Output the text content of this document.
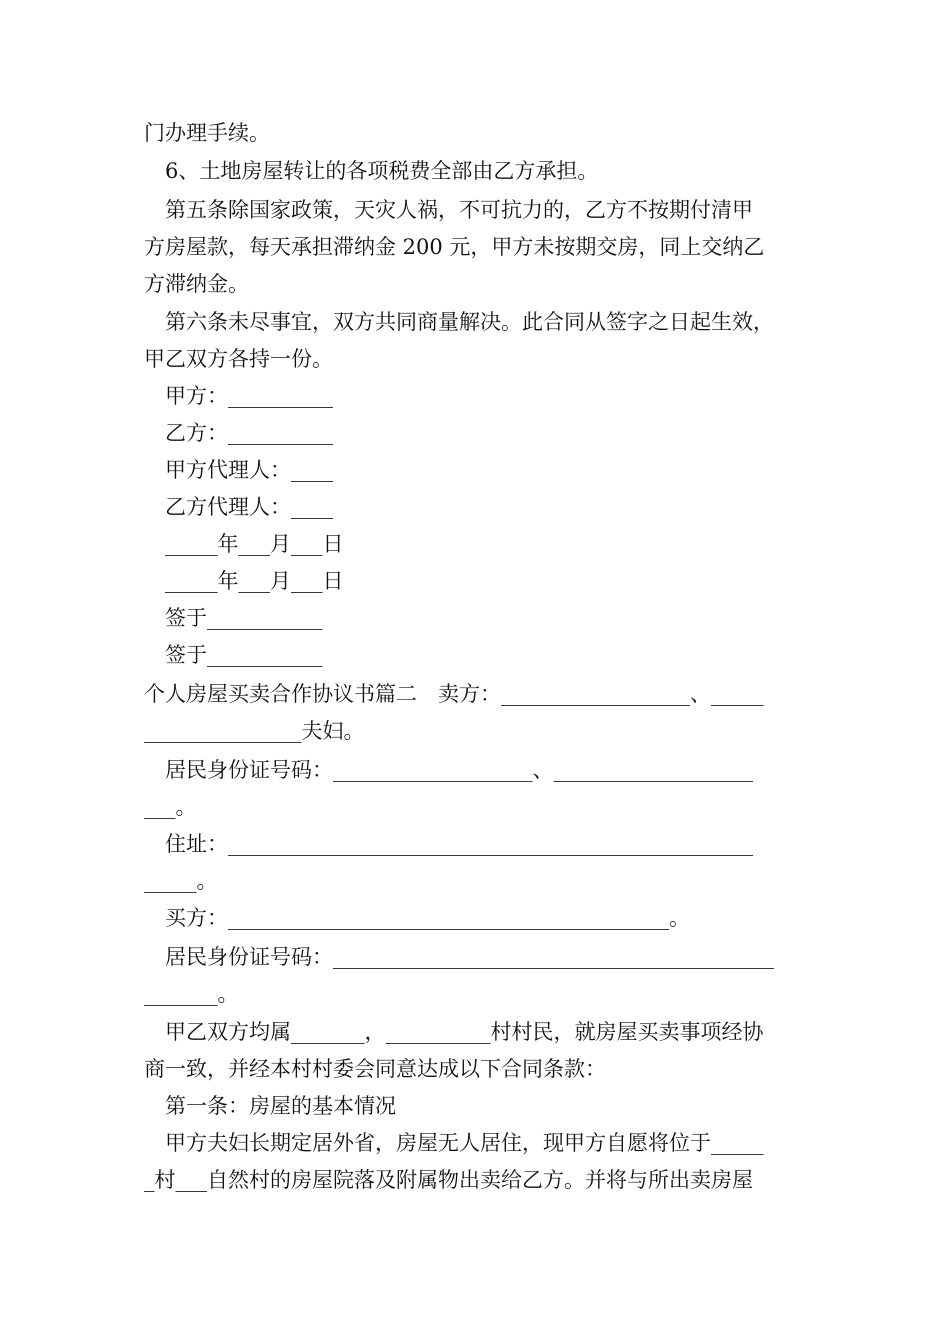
门办理手续。
6、土地房屋转让的各项税费全部由乙方承担。
第五条除国家政策，天灾人祸，不可抗力的，乙方不按期付清甲
方房屋款，每天承担滞纳金 200 元，甲方未按期交房，同上交纳乙
方滞纳金。
第六条未尽事宜，双方共同商量解决。此合同从签字之日起生效，
甲乙双方各持一份。
甲方：__________
乙方：__________
甲方代理人：____
乙方代理人：____
_____年___月___日
_____年___月___日
签于___________
签于___________
个人房屋买卖合作协议书篇二　卖方：__________________、_____
_______________夫妇。
居民身份证号码：___________________、___________________
___。
住址：__________________________________________________
_____。
买方：__________________________________________。
居民身份证号码：__________________________________________
_______。
甲乙双方均属_______，__________村村民，就房屋买卖事项经协
商一致，并经本村村委会同意达成以下合同条款：
第一条：房屋的基本情况
甲方夫妇长期定居外省，房屋无人居住，现甲方自愿将位于_____
_村___自然村的房屋院落及附属物出卖给乙方。并将与所出卖房屋
